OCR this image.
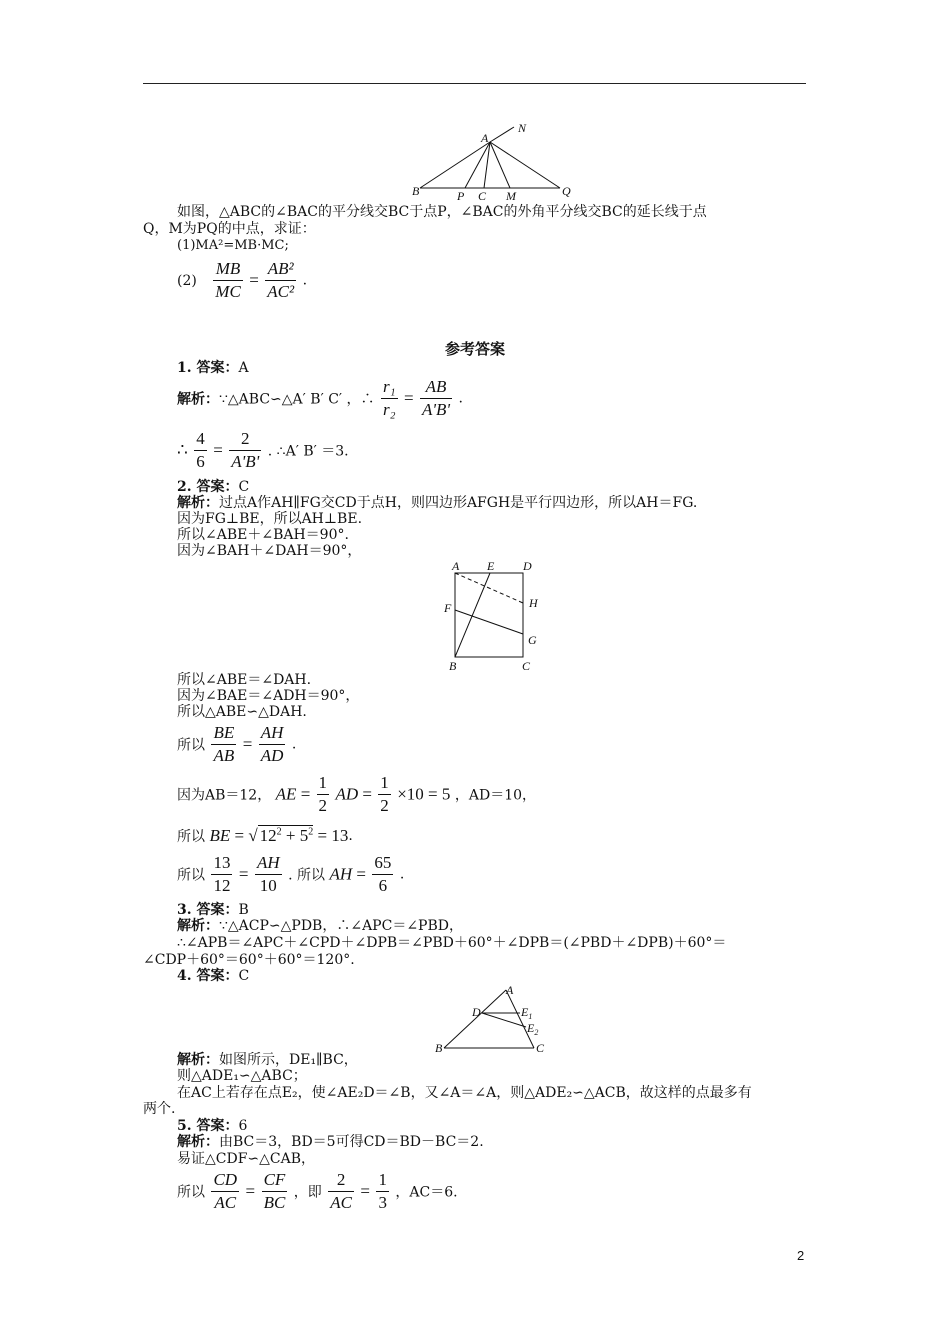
A
N
B	P C M	Q
如图，△ABC的∠BAC的平分线交BC于点P，∠BAC的外角平分线交BC的延长线于点
Q，M为PQ的中点，求证：
(1)MA²=MB·MC;
$(2) \frac{MB}{MC} = \frac{\text{AB²}}{\text{AC²}}$ .
参考答案
1. 答案：A
解析：∵△ABC∽△A′ B′ C′ ，∴ $\frac{\text{r₁}}{\text{r₂}} = \frac{AB}{A'B'}$ .
∴ $\frac{4}{6} = \frac{2}{A'B'}$ . ∴A′ B′ ＝3.
2. 答案：C
解析：过点A作AH∥FG交CD于点H，则四边形AFGH是平行四边形，所以AH＝FG.
因为FG⊥BE，所以AH⊥BE.
所以∠ABE＋∠BAH＝90°.
因为∠BAH＋∠DAH＝90°，
A E D
H
F
G
B	C
所以∠ABE＝∠DAH.
因为∠BAE＝∠ADH＝90°，
所以△ABE∽△DAH.
所以 $\frac{BE}{AB} = \frac{AH}{AD}$ .
因为AB＝12， AE = $\frac{1}{2}$ AD = $\frac{1}{2} \times 10 = 5$ ，AD＝10，
所以 BE = √ $12^2 + 5^2 = 13$.
所以 $\frac{13}{12} = \frac{AH}{10}$ . 所以 AH = $\frac{65}{6}$ .
3. 答案：B
解析：∵△ACP∽△PDB，∴∠APC＝∠PBD，
∴∠APB＝∠APC＋∠CPD＋∠DPB＝∠PBD＋60°＋∠DPB＝(∠PBD＋∠DPB)＋60°＝
∠CDP＋60°＝60°＋60°＝120°.
4. 答案：C
A
D	$E_1$
$E_2$
B	C
解析：如图所示，DE₁∥BC，
则△ADE₁∽△ABC；
在AC上若存在点E₂，使∠AE₂D＝∠B，又∠A＝∠A，则△ADE₂∽△ACB，故这样的点最多有
两个.
5. 答案：6
解析：由BC＝3，BD＝5可得CD＝BD－BC＝2.
易证△CDF∽△CAB，
所以 $\frac{CD}{AC} = \frac{CF}{BC}$ ，即 $\frac{2}{AC} = \frac{1}{3}$ ，AC＝6.
2
